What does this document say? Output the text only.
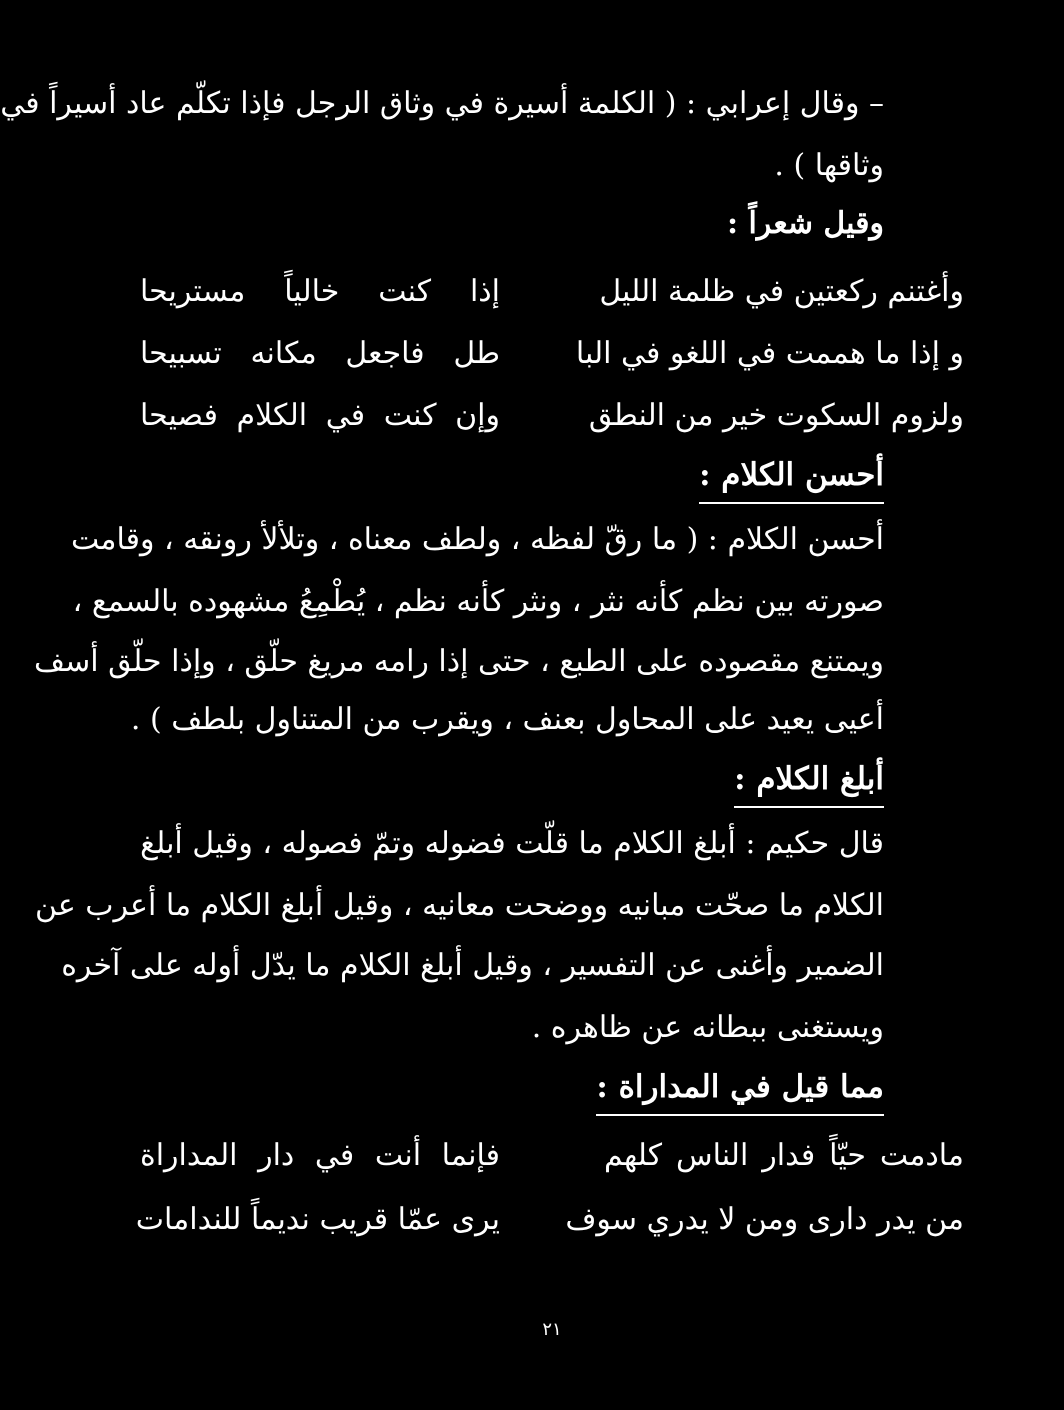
– وقال إعرابي : ( الكلمة أسيرة في وثاق الرجل فإذا تكلّم عاد أسيراً في
وثاقها ) .
وقيل شعراً :
وأغتنم ركعتين في ظلمة الليل
إذا كنت خالياً مستريحا
و إذا ما هممت في اللغو في البا
طل فاجعل مكانه تسبيحا
ولزوم السكوت خير من النطق
وإن كنت في الكلام فصيحا
أحسن الكلام :
أحسن الكلام : ( ما رقّ لفظه ، ولطف معناه ، وتلألأ رونقه ، وقامت
صورته بين نظم كأنه نثر ، ونثر كأنه نظم ، يُطْمِعُ مشهوده بالسمع ،
ويمتنع مقصوده على الطبع ، حتى إذا رامه مريغ حلّق ، وإذا حلّق أسف
أعيى يعيد على المحاول بعنف ، ويقرب من المتناول بلطف ) .
أبلغ الكلام :
قال حكيم : أبلغ الكلام ما قلّت فضوله وتمّ فصوله ، وقيل أبلغ
الكلام ما صحّت مبانيه ووضحت معانيه ، وقيل أبلغ الكلام ما أعرب عن
الضمير وأغنى عن التفسير ، وقيل أبلغ الكلام ما يدّل أوله على آخره
ويستغنى ببطانه عن ظاهره .
مما قيل في المداراة :
مادمت حيّاً فدار الناس كلهم
فإنما أنت في دار المداراة
من يدر دارى ومن لا يدري سوف
يرى عمّا قريب نديماً للندامات
٢١
